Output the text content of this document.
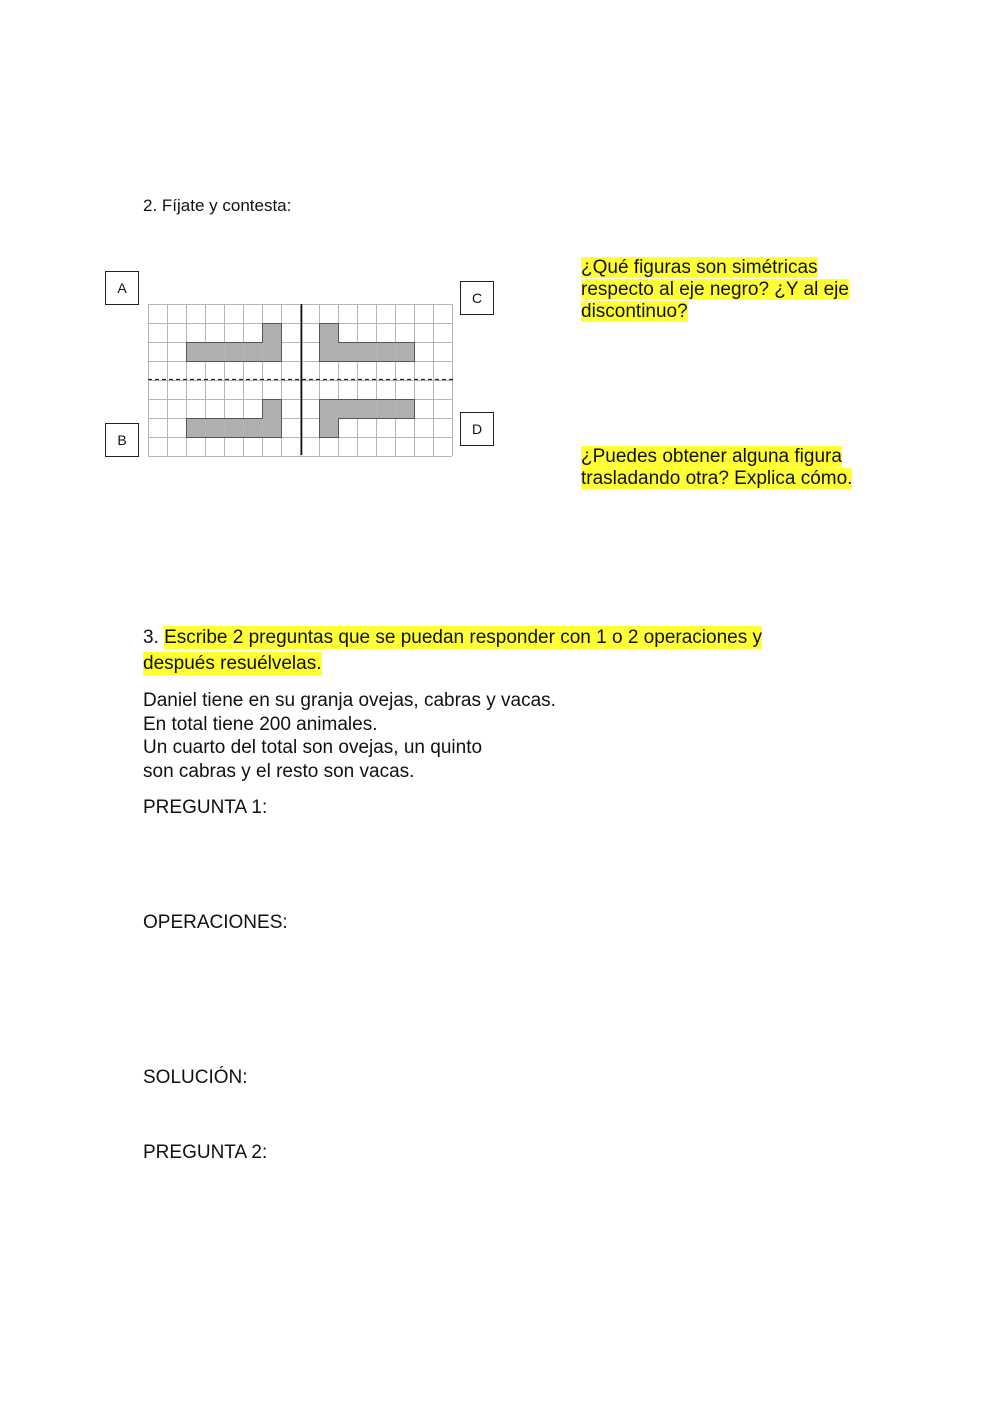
2. Fíjate y contesta:
A
B
C
D
¿Qué figuras son simétricas respecto al eje negro? ¿Y al eje discontinuo?
¿Puedes obtener alguna figura trasladando otra? Explica cómo.
3. Escribe 2 preguntas que se puedan responder con 1 o 2 operaciones y después resuélvelas.
Daniel tiene en su granja ovejas, cabras y vacas.
En total tiene 200 animales.
Un cuarto del total son ovejas, un quinto
son cabras y el resto son vacas.
PREGUNTA 1:
OPERACIONES:
SOLUCIÓN:
PREGUNTA 2:
